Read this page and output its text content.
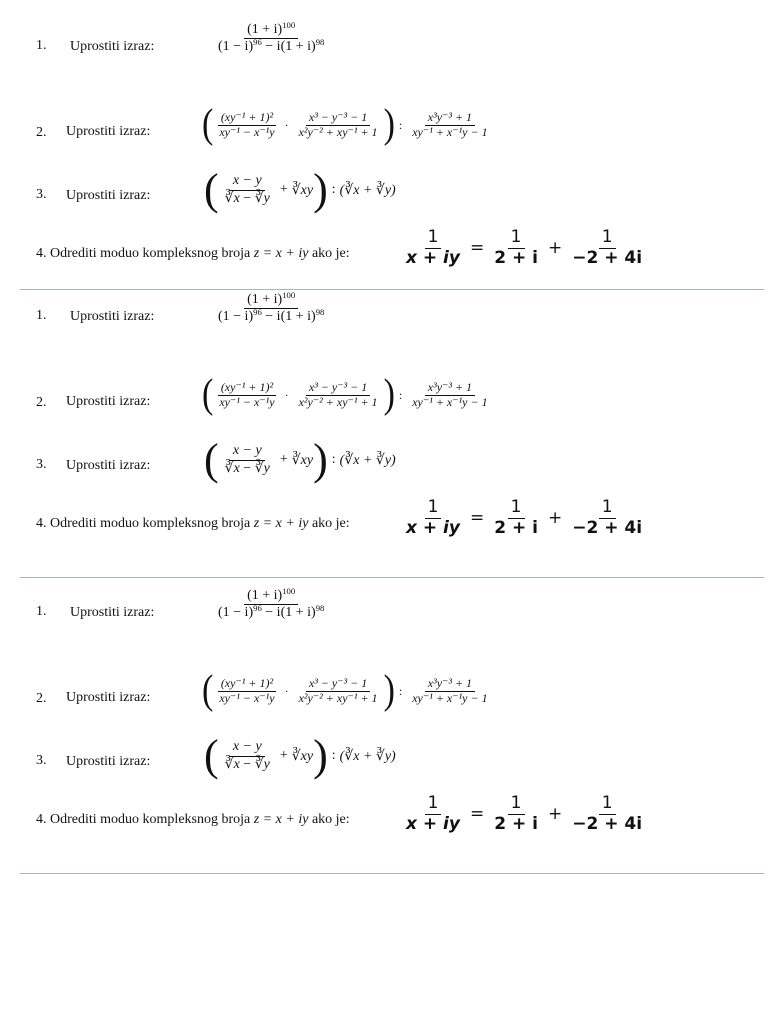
1. Uprostiti izraz:	$\frac{(1 + i)^{100}}{(1 - i)^{96} - i(1 + i)^{98}}$
2. Uprostiti izraz: ( $\frac{\text{(xy⁻¹ + 1)²}}{\text{xy⁻¹ − x⁻¹y}} \cdot \frac{\text{x³ − y⁻³ − 1}}{\text{x²y⁻² + xy⁻¹ + 1}}$ ) : $\frac{\text{x³y⁻³ + 1}}{\text{xy⁻¹ + x⁻¹y − 1}}$
3. Uprostiti izraz: ( $\frac{x - y}{∛x - ∛y}$ + ∛xy ) : (∛x + ∛y)
4. Odrediti moduo kompleksnog broja z = x + iy ako je:	$\frac{1}{x + iy} = \frac{1}{2 + i} + \frac{1}{-2 + 4i}$
1. Uprostiti izraz:	$\frac{(1 + i)^{100}}{(1 - i)^{96} - i(1 + i)^{98}}$
2. Uprostiti izraz: ( $\frac{\text{(xy⁻¹ + 1)²}}{\text{xy⁻¹ − x⁻¹y}} \cdot \frac{\text{x³ − y⁻³ − 1}}{\text{x²y⁻² + xy⁻¹ + 1}}$ ) : $\frac{\text{x³y⁻³ + 1}}{\text{xy⁻¹ + x⁻¹y − 1}}$
3. Uprostiti izraz: ( $\frac{x - y}{∛x - ∛y}$ + ∛xy ) : (∛x + ∛y)
4. Odrediti moduo kompleksnog broja z = x + iy ako je:	$\frac{1}{x + iy} = \frac{1}{2 + i} + \frac{1}{-2 + 4i}$
1. Uprostiti izraz:	$\frac{(1 + i)^{100}}{(1 - i)^{96} - i(1 + i)^{98}}$
2. Uprostiti izraz: ( $\frac{\text{(xy⁻¹ + 1)²}}{\text{xy⁻¹ − x⁻¹y}} \cdot \frac{\text{x³ − y⁻³ − 1}}{\text{x²y⁻² + xy⁻¹ + 1}}$ ) : $\frac{\text{x³y⁻³ + 1}}{\text{xy⁻¹ + x⁻¹y − 1}}$
3. Uprostiti izraz: ( $\frac{x - y}{∛x - ∛y}$ + ∛xy ) : (∛x + ∛y)
4. Odrediti moduo kompleksnog broja z = x + iy ako je:	$\frac{1}{x + iy} = \frac{1}{2 + i} + \frac{1}{-2 + 4i}$
